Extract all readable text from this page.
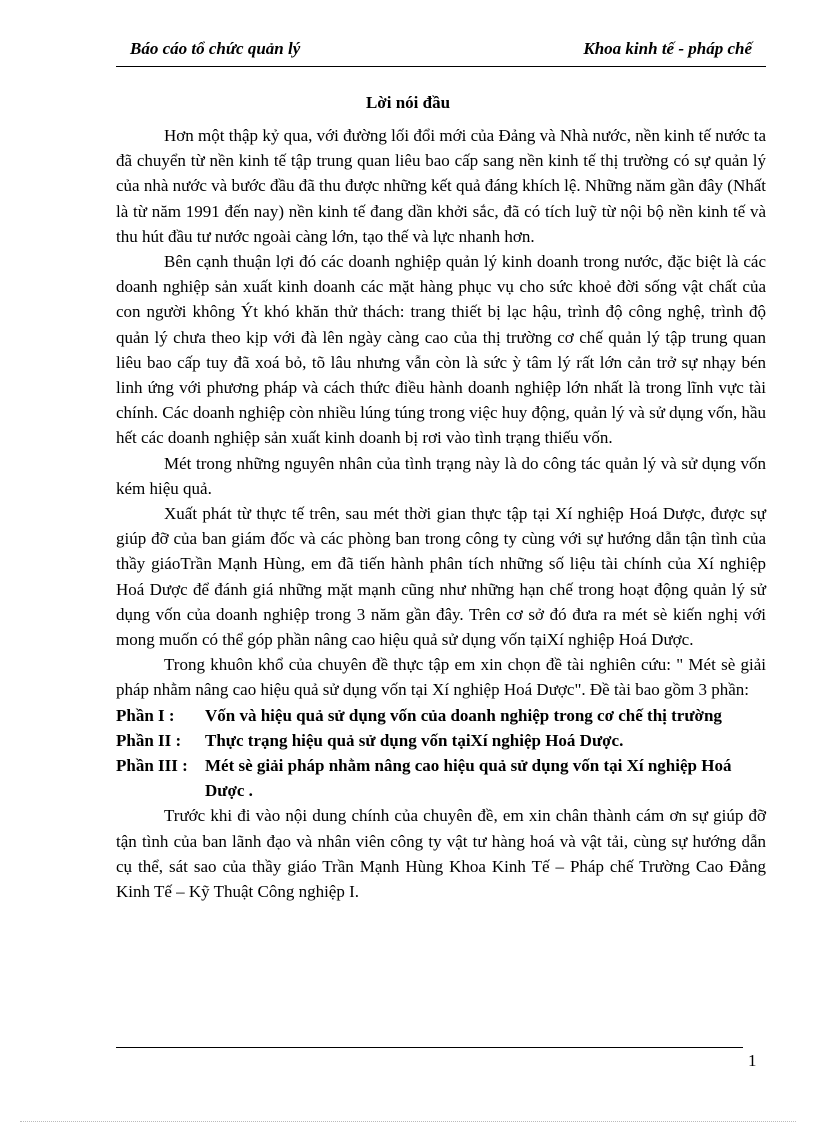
Báo cáo tổ chức quản lý	Khoa kinh tế - pháp chế
Lời nói đầu

Hơn một thập kỷ qua, với đường lối đổi mới của Đảng và Nhà nước, nền kinh tế nước ta đã chuyển từ nền kinh tế tập trung quan liêu bao cấp sang nền kinh tế thị trường có sự quản lý của nhà nước và bước đầu đã thu được những kết quả đáng khích lệ. Những năm gần đây (Nhất là từ năm 1991 đến nay) nền kinh tế đang dần khởi sắc, đã có tích luỹ từ nội bộ nền kinh tế và thu hút đầu tư nước ngoài càng lớn, tạo thế và lực nhanh hơn.

Bên cạnh thuận lợi đó các doanh nghiệp quản lý kinh doanh trong nước, đặc biệt là các doanh nghiệp sản xuất kinh doanh các mặt hàng phục vụ cho sức khoẻ đời sống vật chất của con người không Ýt khó khăn thử thách: trang thiết bị lạc hậu, trình độ công nghệ, trình độ quản lý chưa theo kịp với đà lên ngày càng cao của thị trường cơ chế quản lý tập trung quan liêu bao cấp tuy đã xoá bỏ, tõ lâu nhưng vẫn còn là sức ỳ tâm lý rất lớn cản trở sự nhạy bén linh ứng với phương pháp và cách thức điều hành doanh nghiệp lớn nhất là trong lĩnh vực tài chính. Các doanh nghiệp còn nhiều lúng túng trong việc huy động, quản lý và sử dụng vốn, hầu hết các doanh nghiệp sản xuất kinh doanh bị rơi vào tình trạng thiếu vốn.

Mét trong những nguyên nhân của tình trạng này là do công tác quản lý và sử dụng vốn kém hiệu quả.

Xuất phát từ thực tế trên, sau mét thời gian thực tập tại Xí nghiệp Hoá Dược, được sự giúp đỡ của ban giám đốc và các phòng ban trong công ty cùng với sự hướng dẫn tận tình của thầy giáoTrần Mạnh Hùng, em đã tiến hành phân tích những số liệu tài chính của Xí nghiệp Hoá Dược để đánh giá những mặt mạnh cũng như những hạn chế trong hoạt động quản lý sử dụng vốn của doanh nghiệp trong 3 năm gần đây. Trên cơ sở đó đưa ra mét sè kiến nghị với mong muốn có thể góp phần nâng cao hiệu quả sử dụng vốn tạiXí nghiệp Hoá Dược.

Trong khuôn khổ của chuyên đề thực tập em xin chọn đề tài nghiên cứu: " Mét sè giải pháp nhằm nâng cao hiệu quả sử dụng vốn tại Xí nghiệp Hoá Dược". Đề tài bao gồm 3 phần:

Phần I : Vốn và hiệu quả sử dụng vốn của doanh nghiệp trong cơ chế thị trường
Phần II : Thực trạng hiệu quả sử dụng vốn tạiXí nghiệp Hoá Dược.
Phần III : Mét sè giải pháp nhằm nâng cao hiệu quả sử dụng vốn tại Xí nghiệp Hoá Dược .

Trước khi đi vào nội dung chính của chuyên đề, em xin chân thành cám ơn sự giúp đỡ tận tình của ban lãnh đạo và nhân viên công ty vật tư hàng hoá và vật tải, cùng sự hướng dẫn cụ thể, sát sao của thầy giáo Trần Mạnh Hùng Khoa Kinh Tế – Pháp chế Trường Cao Đẳng Kinh Tế – Kỹ Thuật Công nghiệp I.

1
